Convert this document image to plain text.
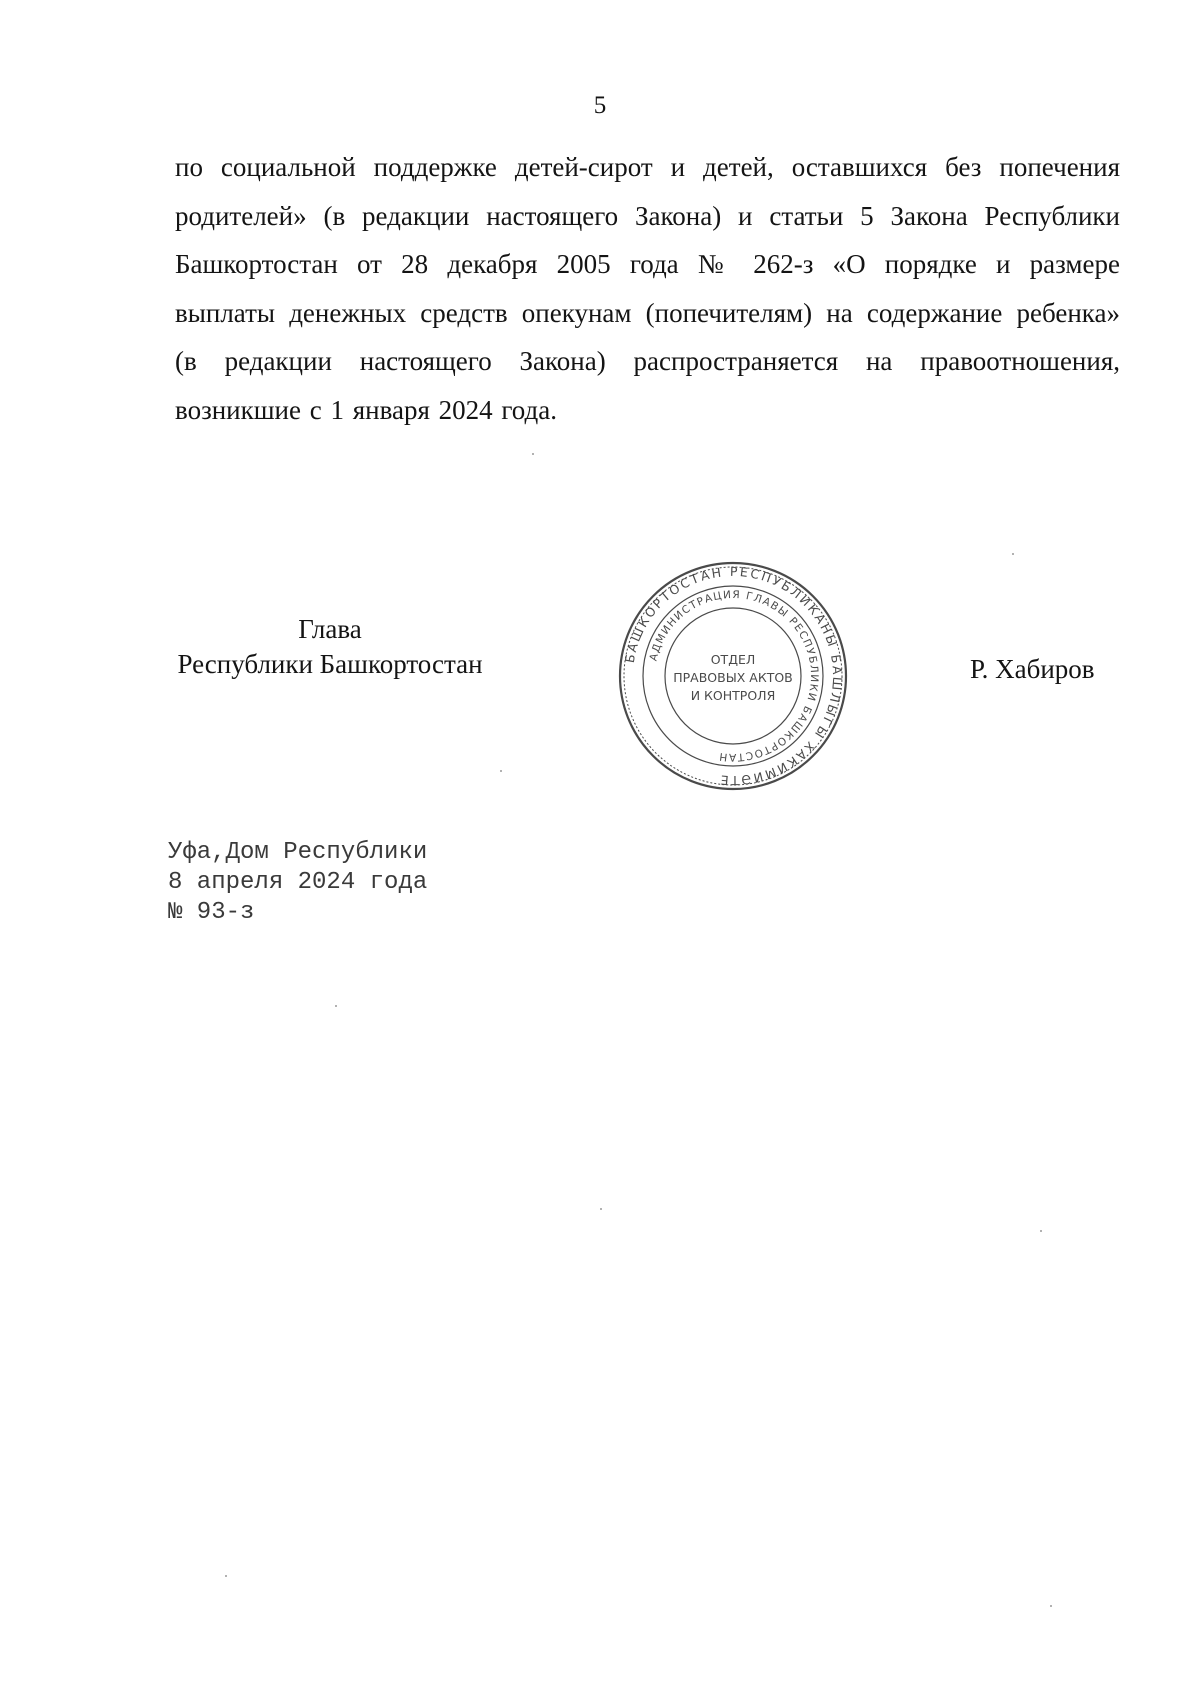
5
по социальной поддержке детей-сирот и детей, оставшихся без попечения
родителей» (в редакции настоящего Закона) и статьи 5 Закона Республики
Башкортостан от 28 декабря 2005 года № 262-з «О порядке и размере
выплаты денежных средств опекунам (попечителям) на содержание ребенка»
(в редакции настоящего Закона) распространяется на правоотношения,
возникшие с 1 января 2024 года.
Глава
Республики Башкортостан	БАШКОРТОСТАН РЕСПУБЛИКАНЫ БАШЛЫГЫ ХАКИМИӘТЕ
АДМИНИСТРАЦИЯ ГЛАВЫ РЕСПУБЛИКИ БАШКОРТОСТАН
ОТДЕЛ
ПРАВОВЫХ АКТОВ
И КОНТРОЛЯ
Р. Хабиров
Уфа,Дом Республики
8 апреля 2024 года
№ 93-з
